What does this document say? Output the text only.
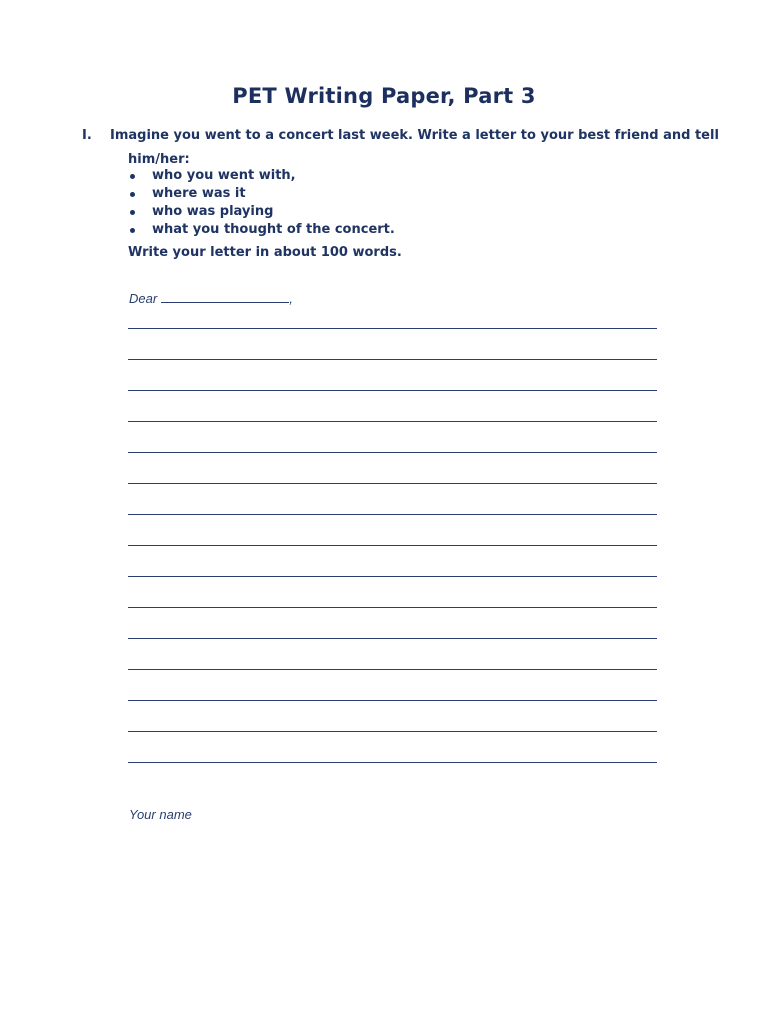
PET Writing Paper, Part 3
I. Imagine you went to a concert last week. Write a letter to your best friend and tell
him/her:
who you went with,
where was it
who was playing
what you thought of the concert.
Write your letter in about 100 words.
Dear	,
Your name
